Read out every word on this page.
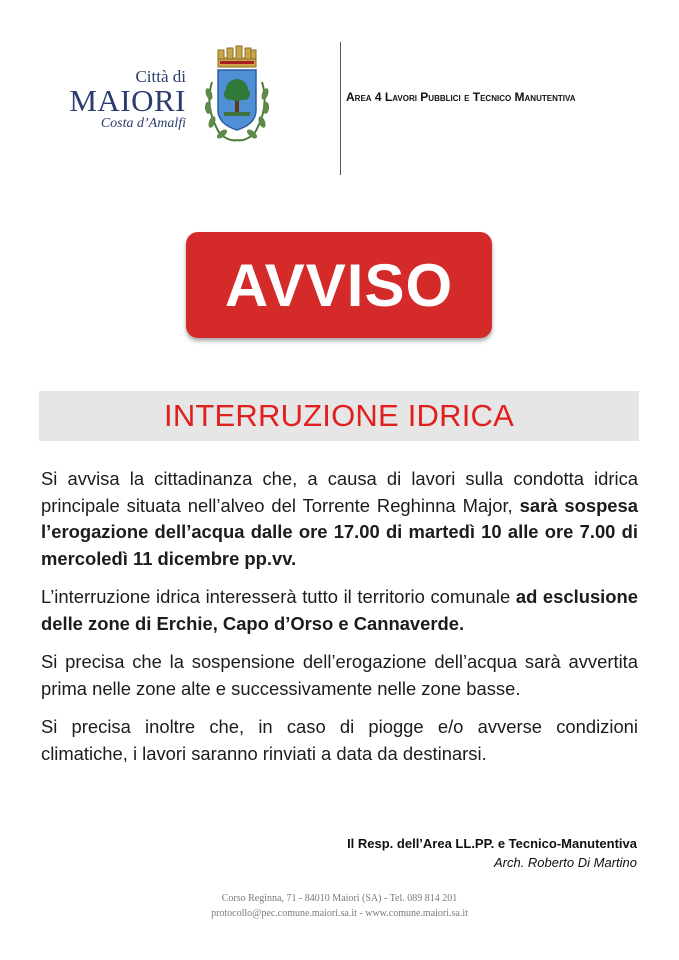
Città di
MAIORI
Costa d’Amalfi
Area 4 Lavori Pubblici e Tecnico Manutentiva
AVVISO
INTERRUZIONE IDRICA

Si avvisa la cittadinanza che, a causa di lavori sulla condotta idrica principale situata nell’alveo del Torrente Reghinna Major, sarà sospesa l’erogazione dell’acqua dalle ore 17.00 di martedì 10 alle ore 7.00 di mercoledì 11 dicembre pp.vv.

L’interruzione idrica interesserà tutto il territorio comunale ad esclusione delle zone di Erchie, Capo d’Orso e Cannaverde.

Si precisa che la sospensione dell’erogazione dell’acqua sarà avvertita prima nelle zone alte e successivamente nelle zone basse.

Si precisa inoltre che, in caso di piogge e/o avverse condizioni climatiche, i lavori saranno rinviati a data da destinarsi.

Il Resp. dell’Area LL.PP. e Tecnico-Manutentiva
Arch. Roberto Di Martino
Corso Reginna, 71 - 84010 Maiori (SA) - Tel. 089 814 201
protocollo@pec.comune.maiori.sa.it - www.comune.maiori.sa.it
